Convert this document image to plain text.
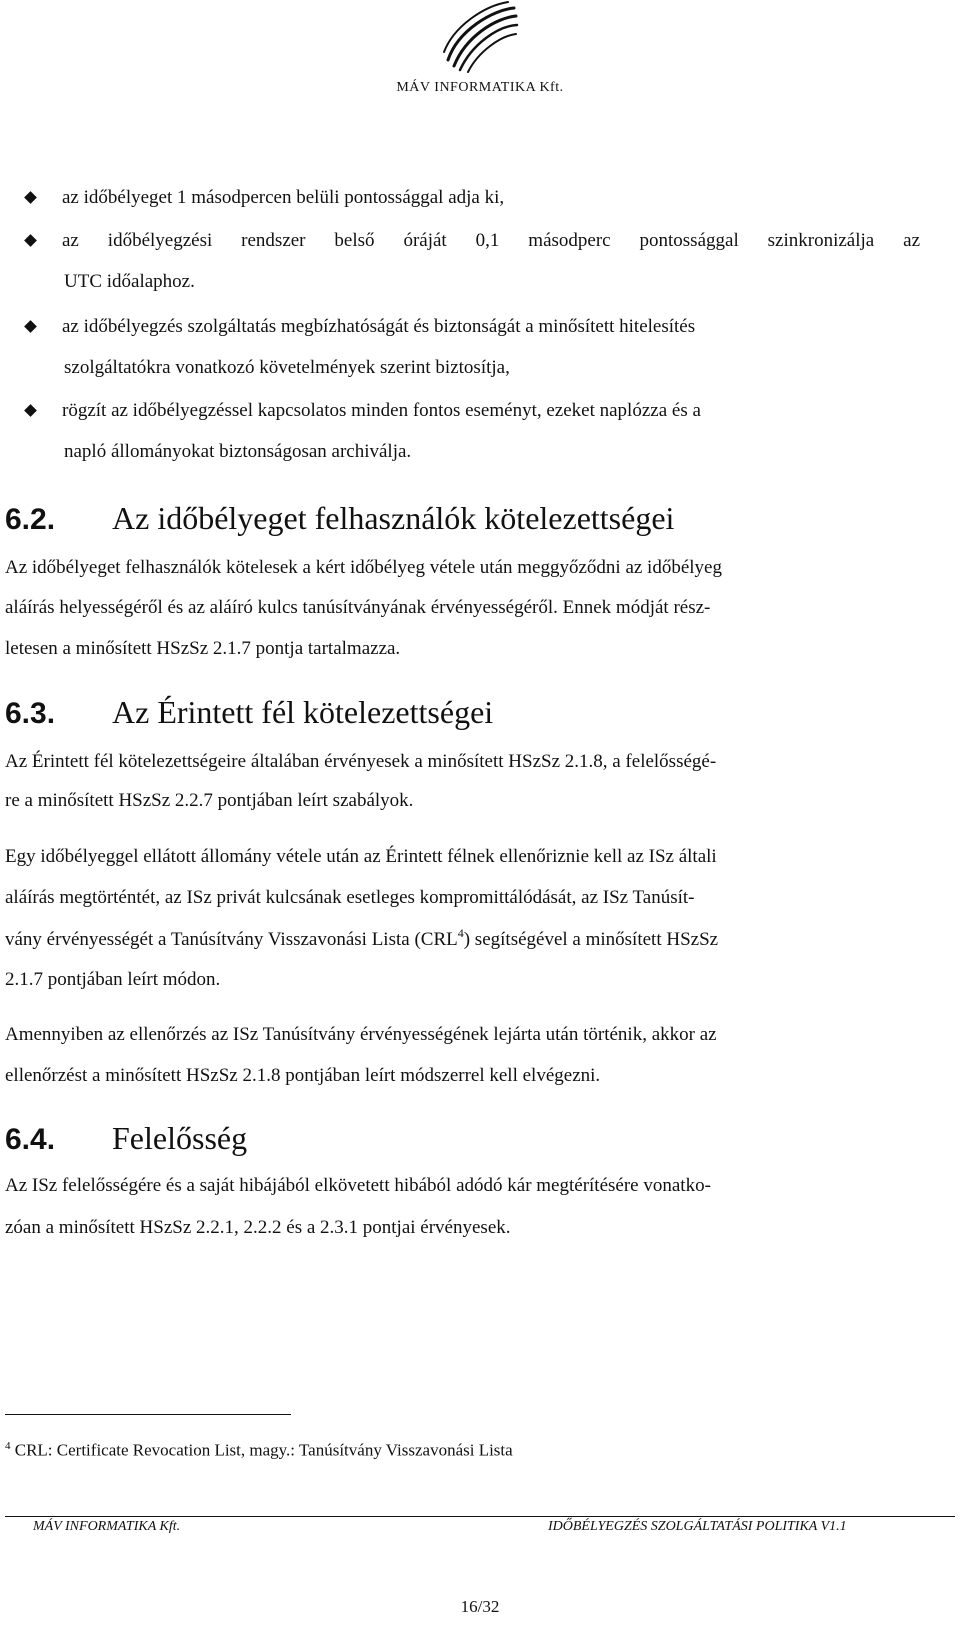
MÁV INFORMATIKA Kft.
az időbélyeget 1 másodpercen belüli pontossággal adja ki,
az időbélyegzési rendszer belső óráját 0,1 másodperc pontossággal szinkronizálja az
UTC időalaphoz.
az időbélyegzés szolgáltatás megbízhatóságát és biztonságát a minősített hitelesítés
szolgáltatókra vonatkozó követelmények szerint biztosítja,
rögzít az időbélyegzéssel kapcsolatos minden fontos eseményt, ezeket naplózza és a
napló állományokat biztonságosan archiválja.
6.2. Az időbélyeget felhasználók kötelezettségei
Az időbélyeget felhasználók kötelesek a kért időbélyeg vétele után meggyőződni az időbélyeg
aláírás helyességéről és az aláíró kulcs tanúsítványának érvényességéről. Ennek módját rész-
letesen a minősített HSzSz 2.1.7 pontja tartalmazza.
6.3. Az Érintett fél kötelezettségei
Az Érintett fél kötelezettségeire általában érvényesek a minősített HSzSz 2.1.8, a felelősségé-
re a minősített HSzSz 2.2.7 pontjában leírt szabályok.
Egy időbélyeggel ellátott állomány vétele után az Érintett félnek ellenőriznie kell az ISz általi
aláírás megtörténtét, az ISz privát kulcsának esetleges kompromittálódását, az ISz Tanúsít-
vány érvényességét a Tanúsítvány Visszavonási Lista (CRL$^4$) segítségével a minősített HSzSz
2.1.7 pontjában leírt módon.
Amennyiben az ellenőrzés az ISz Tanúsítvány érvényességének lejárta után történik, akkor az
ellenőrzést a minősített HSzSz 2.1.8 pontjában leírt módszerrel kell elvégezni.
6.4. Felelősség
Az ISz felelősségére és a saját hibájából elkövetett hibából adódó kár megtérítésére vonatko-
zóan a minősített HSzSz 2.2.1, 2.2.2 és a 2.3.1 pontjai érvényesek.
$^4$ CRL: Certificate Revocation List, magy.: Tanúsítvány Visszavonási Lista
MÁV INFORMATIKA Kft.	IDŐBÉLYEGZÉS SZOLGÁLTATÁSI POLITIKA V1.1
16/32
